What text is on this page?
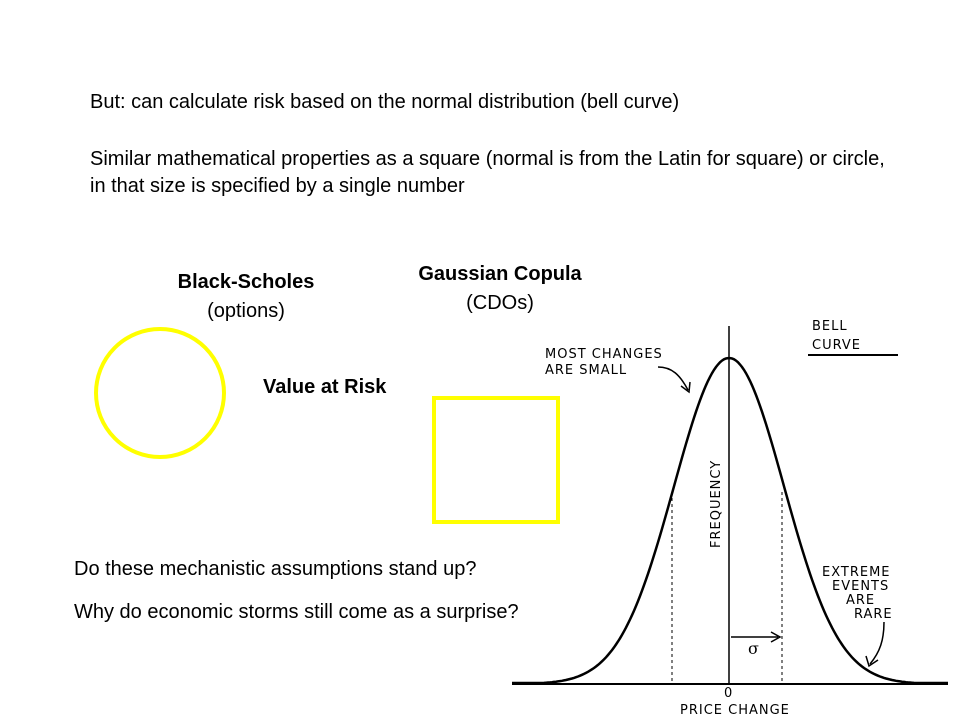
But: can calculate risk based on the normal distribution (bell curve)
Similar mathematical properties as a square (normal is from the Latin for square) or circle, in that size is specified by a single number
Black-Scholes
(options)
Gaussian Copula
(CDOs)
Value at Risk
Do these mechanistic assumptions stand up?
Why do economic storms still come as a surprise?
σ
BELL
CURVE
MOST CHANGES
ARE SMALL
FREQUENCY
EXTREME
EVENTS
ARE
RARE
0
PRICE CHANGE
